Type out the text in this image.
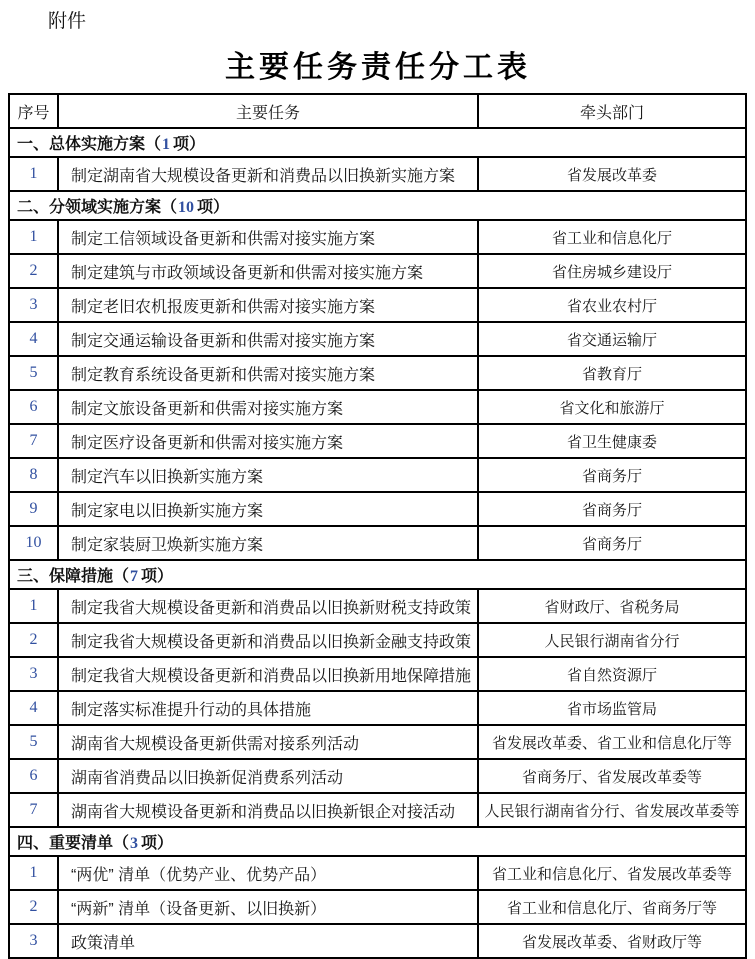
附件
主要任务责任分工表
序号	主要任务	牵头部门
一、总体实施方案（1 项）		
1	制定湖南省大规模设备更新和消费品以旧换新实施方案	省发展改革委
二、分领域实施方案（10 项）		
1	制定工信领域设备更新和供需对接实施方案	省工业和信息化厅
2	制定建筑与市政领域设备更新和供需对接实施方案	省住房城乡建设厅
3	制定老旧农机报废更新和供需对接实施方案	省农业农村厅
4	制定交通运输设备更新和供需对接实施方案	省交通运输厅
5	制定教育系统设备更新和供需对接实施方案	省教育厅
6	制定文旅设备更新和供需对接实施方案	省文化和旅游厅
7	制定医疗设备更新和供需对接实施方案	省卫生健康委
8	制定汽车以旧换新实施方案	省商务厅
9	制定家电以旧换新实施方案	省商务厅
10	制定家装厨卫焕新实施方案	省商务厅
三、保障措施（7 项）		
1	制定我省大规模设备更新和消费品以旧换新财税支持政策	省财政厅、省税务局
2	制定我省大规模设备更新和消费品以旧换新金融支持政策	人民银行湖南省分行
3	制定我省大规模设备更新和消费品以旧换新用地保障措施	省自然资源厅
4	制定落实标准提升行动的具体措施	省市场监管局
5	湖南省大规模设备更新供需对接系列活动	省发展改革委、省工业和信息化厅等
6	湖南省消费品以旧换新促消费系列活动	省商务厅、省发展改革委等
7	湖南省大规模设备更新和消费品以旧换新银企对接活动	人民银行湖南省分行、省发展改革委等
四、重要清单（3 项）		
1	“两优” 清单（优势产业、优势产品）	省工业和信息化厅、省发展改革委等
2	“两新” 清单（设备更新、以旧换新）	省工业和信息化厅、省商务厅等
3	政策清单	省发展改革委、省财政厅等
